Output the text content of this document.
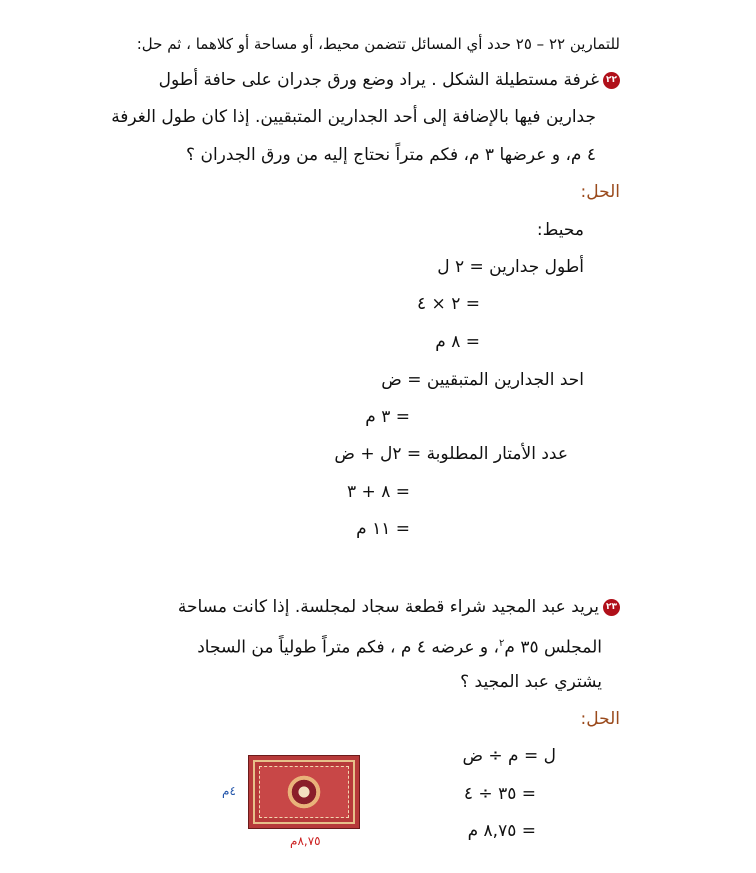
للتمارين ٢٢ – ٢٥ حدد أي المسائل تتضمن محيط، أو مساحة أو كلاهما ، ثم حل:
٢٢غرفة مستطيلة الشكل . يراد وضع ورق جدران على حافة أطول
جدارين فيها بالإضافة إلى أحد الجدارين المتبقيين. إذا كان طول الغرفة
٤ م، و عرضها ٣ م، فكم متراً نحتاج إليه من ورق الجدران ؟
الحل:
محيط:
أطول جدارين = ٢ ل
= ٢ × ٤
= ٨ م
احد الجدارين المتبقيين = ض
= ٣ م
عدد الأمتار المطلوبة = ٢ل + ض
= ٨ + ٣
= ١١ م
٢٣يريد عبد المجيد شراء قطعة سجاد لمجلسة. إذا كانت مساحة
المجلس ٣٥ م$^٢$، و عرضه ٤ م ، فكم متراً طولياً من السجاد
يشتري عبد المجيد ؟
الحل:
ل = م ÷ ض
= ٣٥ ÷ ٤
= ٨,٧٥ م
٤م
٨,٧٥م
